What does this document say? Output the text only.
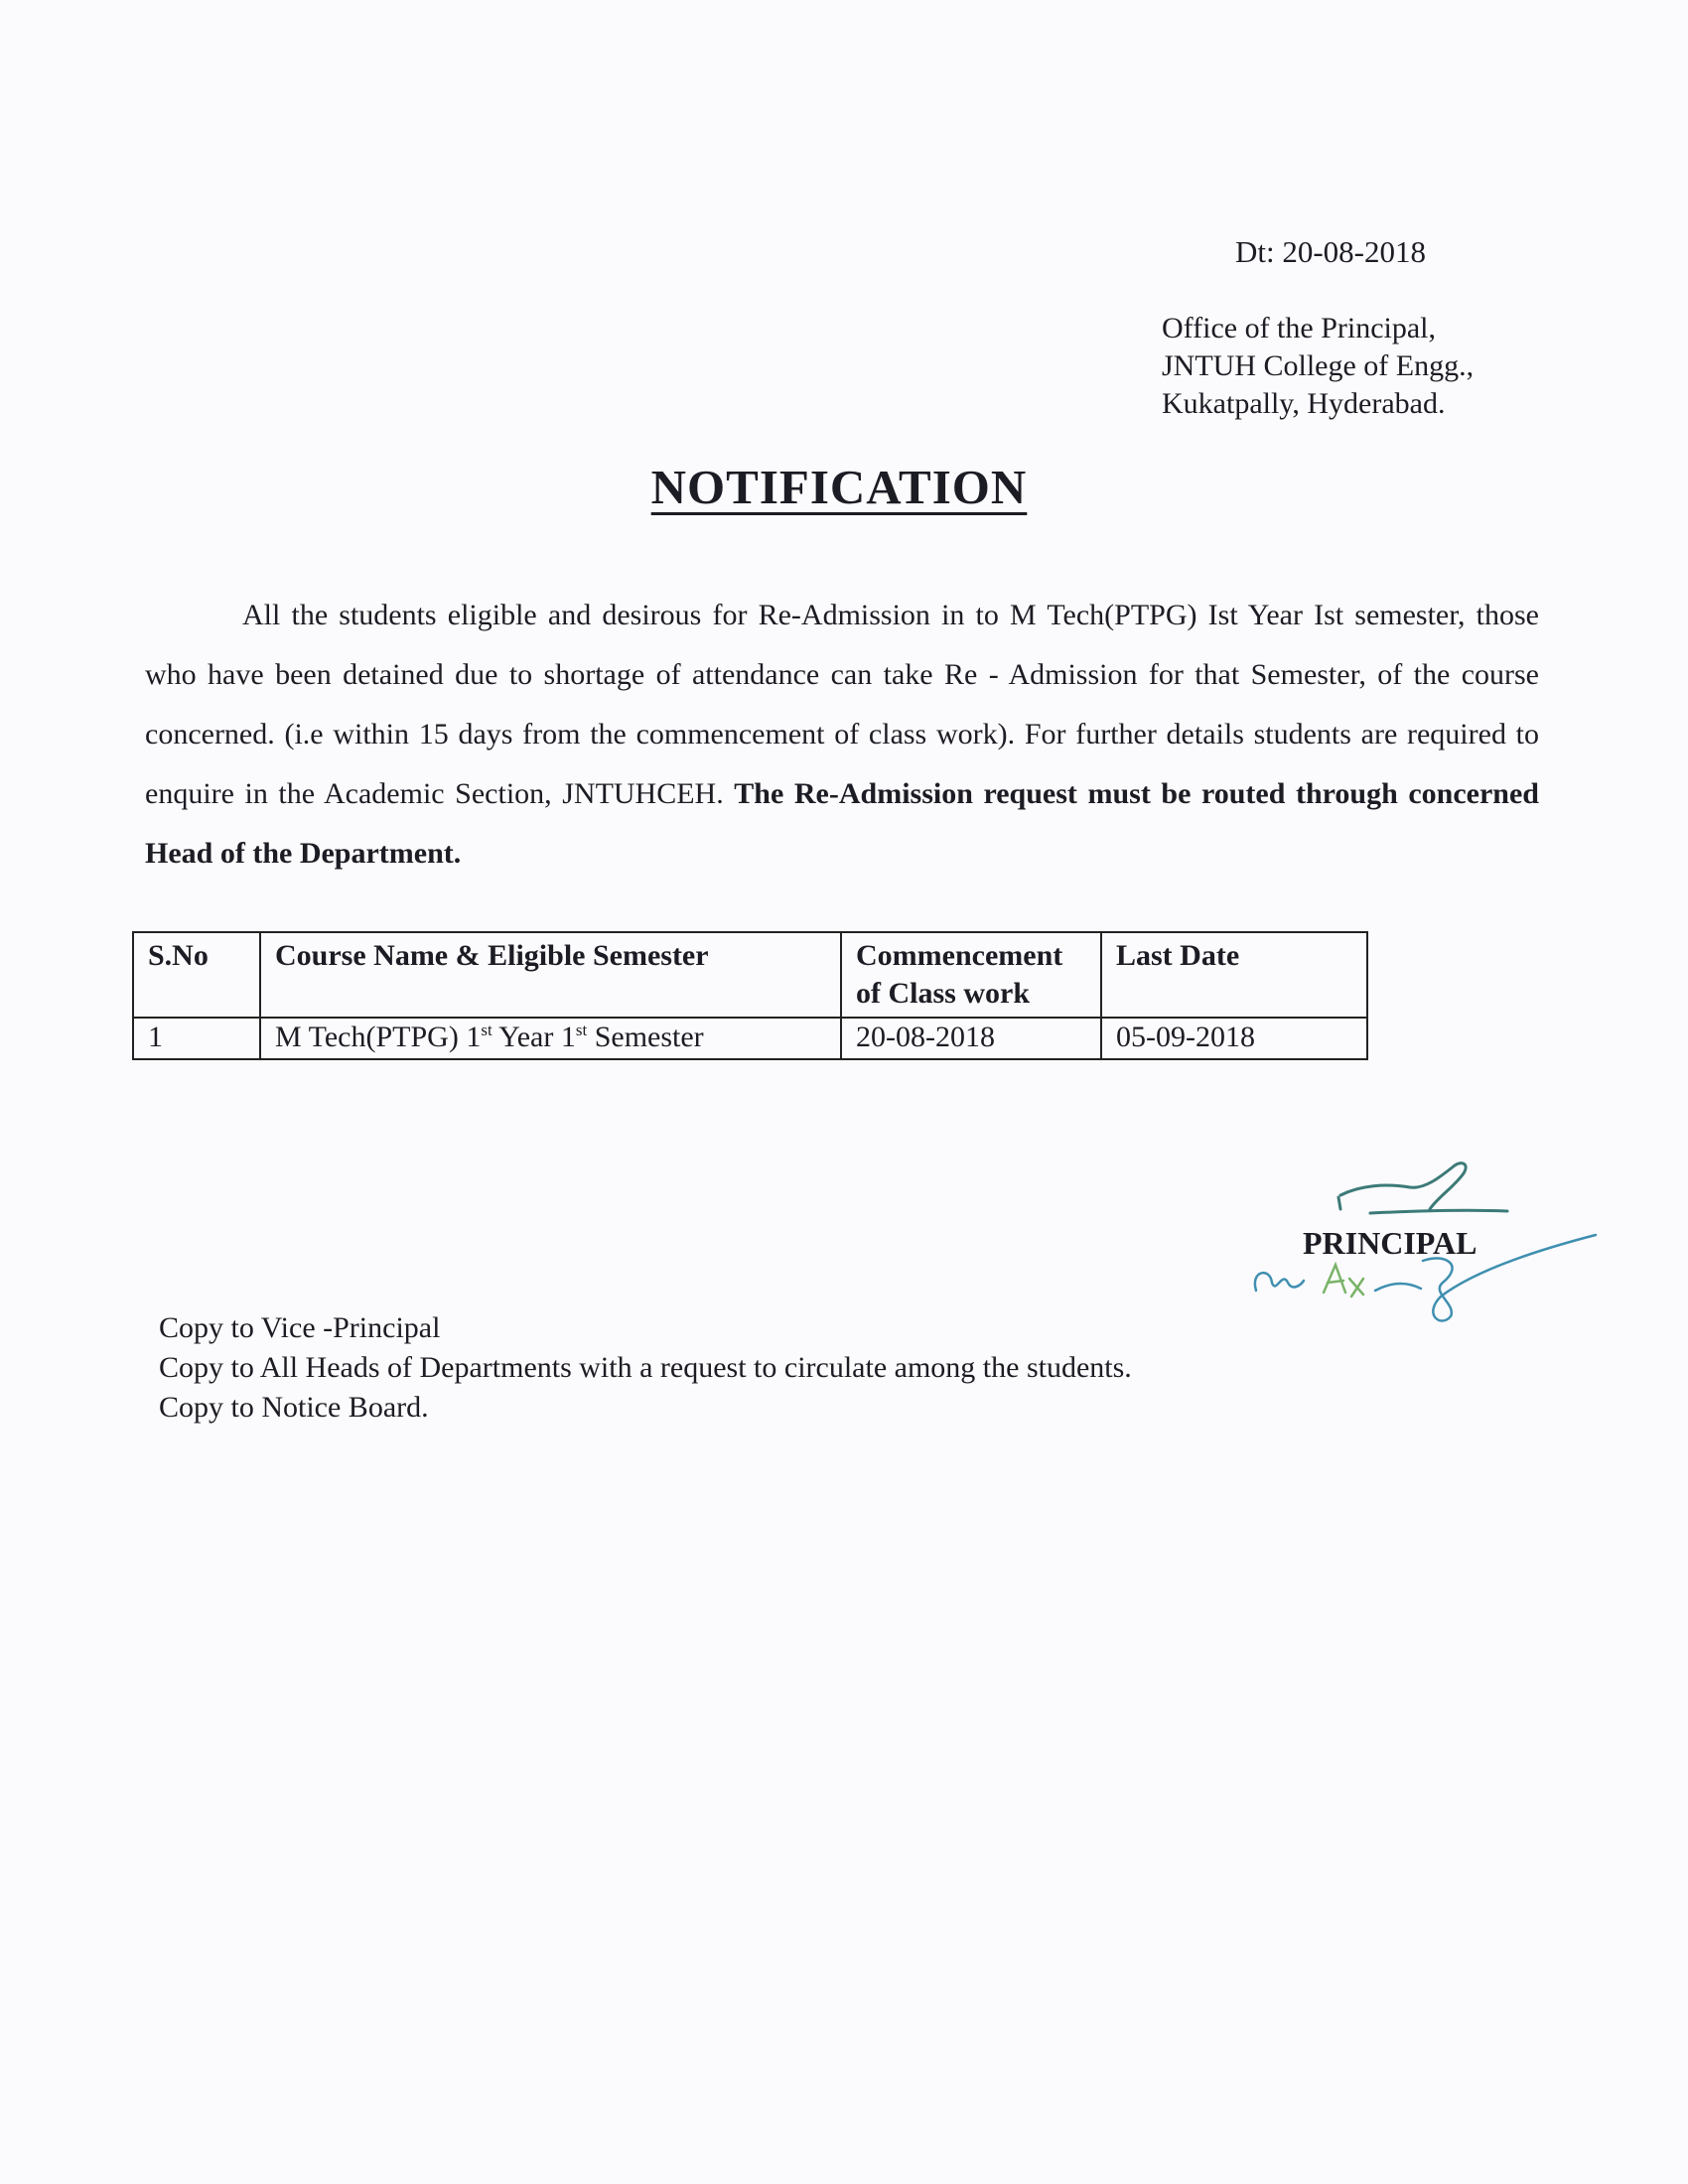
Dt: 20-08-2018
Office of the Principal,
JNTUH College of Engg.,
Kukatpally, Hyderabad.
NOTIFICATION
All the students eligible and desirous for Re-Admission in to M Tech(PTPG) Ist Year Ist semester, those who have been detained due to shortage of attendance can take Re - Admission for that Semester, of the course concerned. (i.e within 15 days from the commencement of class work). For further details students are required to enquire in the Academic Section, JNTUHCEH. The Re-Admission request must be routed through concerned Head of the Department.
S.No	Course Name & Eligible Semester	Commencement of Class work	Last Date
1	M Tech(PTPG) 1st Year 1st Semester	20-08-2018	05-09-2018
PRINCIPAL
Copy to Vice -Principal
Copy to All Heads of Departments with a request to circulate among the students.
Copy to Notice Board.
